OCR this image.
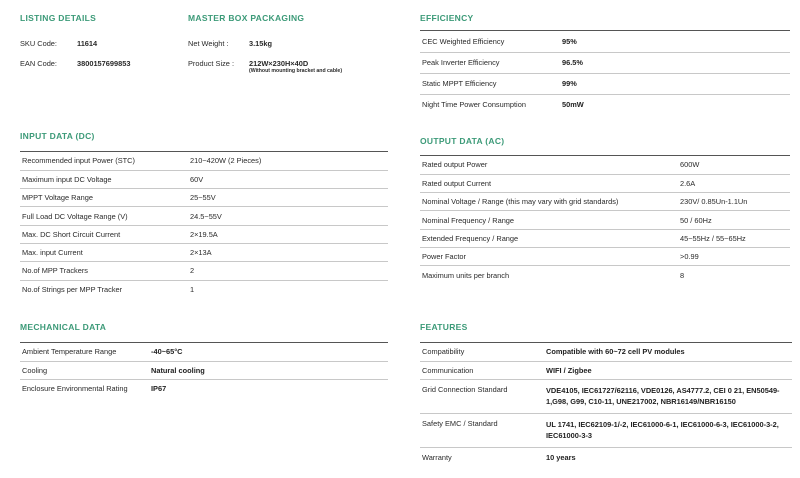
LISTING DETAILS
SKU Code:	11614
EAN Code:	3800157699853
MASTER BOX PACKAGING
Net Weight :	3.15kg
Product Size : 212W×230H×40D
(Without mounting bracket and cable)
EFFICIENCY
CEC Weighted Efficiency	95%
Peak Inverter Efficiency	96.5%
Static MPPT Efficiency	99%
Night Time Power Consumption	50mW
INPUT DATA (DC)
Recommended input Power (STC)	210~420W (2 Pieces)
Maximum input DC Voltage	60V
MPPT Voltage Range	25~55V
Full Load DC Voltage Range (V)	24.5~55V
Max. DC Short Circuit Current	2×19.5A
Max. input Current	2×13A
No.of MPP Trackers	2
No.of Strings per MPP Tracker	1
OUTPUT DATA (AC)
Rated output Power	600W
Rated output Current	2.6A
Nominal Voltage / Range (this may vary with grid standards)	230V/ 0.85Un-1.1Un
Nominal Frequency / Range	50 / 60Hz
Extended Frequency / Range	45~55Hz / 55~65Hz
Power Factor	>0.99
Maximum units per branch	8
MECHANICAL DATA
Ambient Temperature Range	-40~65°C
Cooling	Natural cooling
Enclosure Environmental Rating	IP67
FEATURES
Compatibility	Compatible with 60~72 cell PV modules
Communication	WIFI / Zigbee
Grid Connection Standard	VDE4105, IEC61727/62116, VDE0126, AS4777.2, CEI 0 21, EN50549-1,G98, G99, C10-11, UNE217002, NBR16149/NBR16150
Safety EMC / Standard	UL 1741, IEC62109-1/-2, IEC61000-6-1, IEC61000-6-3, IEC61000-3-2, IEC61000-3-3
Warranty	10 years
